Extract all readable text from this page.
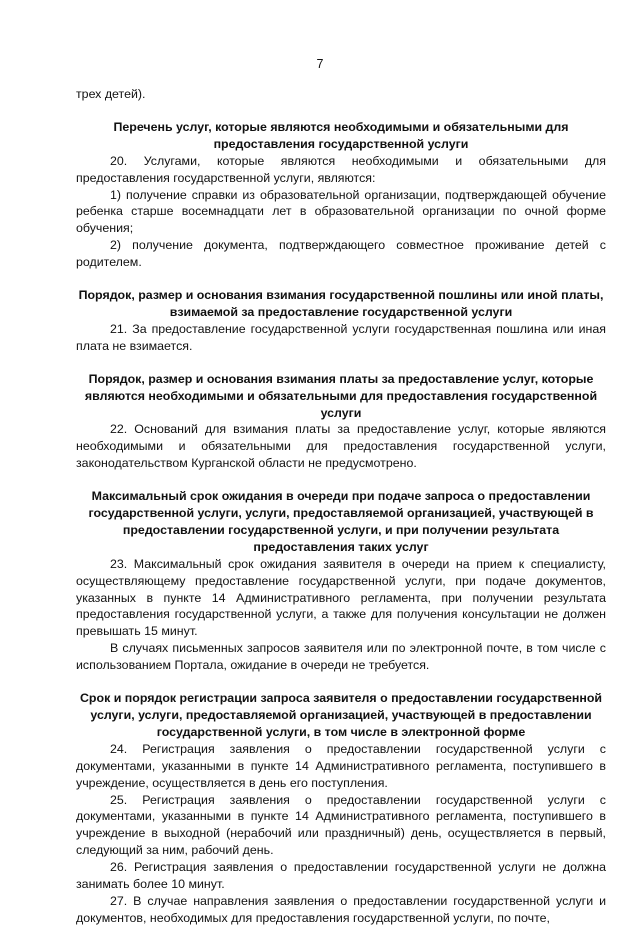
7

трех детей).

Перечень услуг, которые являются необходимыми и обязательными для предоставления государственной услуги

20. Услугами, которые являются необходимыми и обязательными для предоставления государственной услуги, являются:

1) получение справки из образовательной организации, подтверждающей обучение ребенка старше восемнадцати лет в образовательной организации по очной форме обучения;

2) получение документа, подтверждающего совместное проживание детей с родителем.

Порядок, размер и основания взимания государственной пошлины или иной платы, взимаемой за предоставление государственной услуги

21. За предоставление государственной услуги государственная пошлина или иная плата не взимается.

Порядок, размер и основания взимания платы за предоставление услуг, которые являются необходимыми и обязательными для предоставления государственной услуги

22. Оснований для взимания платы за предоставление услуг, которые являются необходимыми и обязательными для предоставления государственной услуги, законодательством Курганской области не предусмотрено.

Максимальный срок ожидания в очереди при подаче запроса о предоставлении государственной услуги, услуги, предоставляемой организацией, участвующей в предоставлении государственной услуги, и при получении результата предоставления таких услуг

23. Максимальный срок ожидания заявителя в очереди на прием к специалисту, осуществляющему предоставление государственной услуги, при подаче документов, указанных в пункте 14 Административного регламента, при получении результата предоставления государственной услуги, а также для получения консультации не должен превышать 15 минут.

В случаях письменных запросов заявителя или по электронной почте, в том числе с использованием Портала, ожидание в очереди не требуется.

Срок и порядок регистрации запроса заявителя о предоставлении государственной услуги, услуги, предоставляемой организацией, участвующей в предоставлении государственной услуги, в том числе в электронной форме

24. Регистрация заявления о предоставлении государственной услуги с документами, указанными в пункте 14 Административного регламента, поступившего в учреждение, осуществляется в день его поступления.

25. Регистрация заявления о предоставлении государственной услуги с документами, указанными в пункте 14 Административного регламента, поступившего в учреждение в выходной (нерабочий или праздничный) день, осуществляется в первый, следующий за ним, рабочий день.

26. Регистрация заявления о предоставлении государственной услуги не должна занимать более 10 минут.

27. В случае направления заявления о предоставлении государственной услуги и документов, необходимых для предоставления государственной услуги, по почте,
